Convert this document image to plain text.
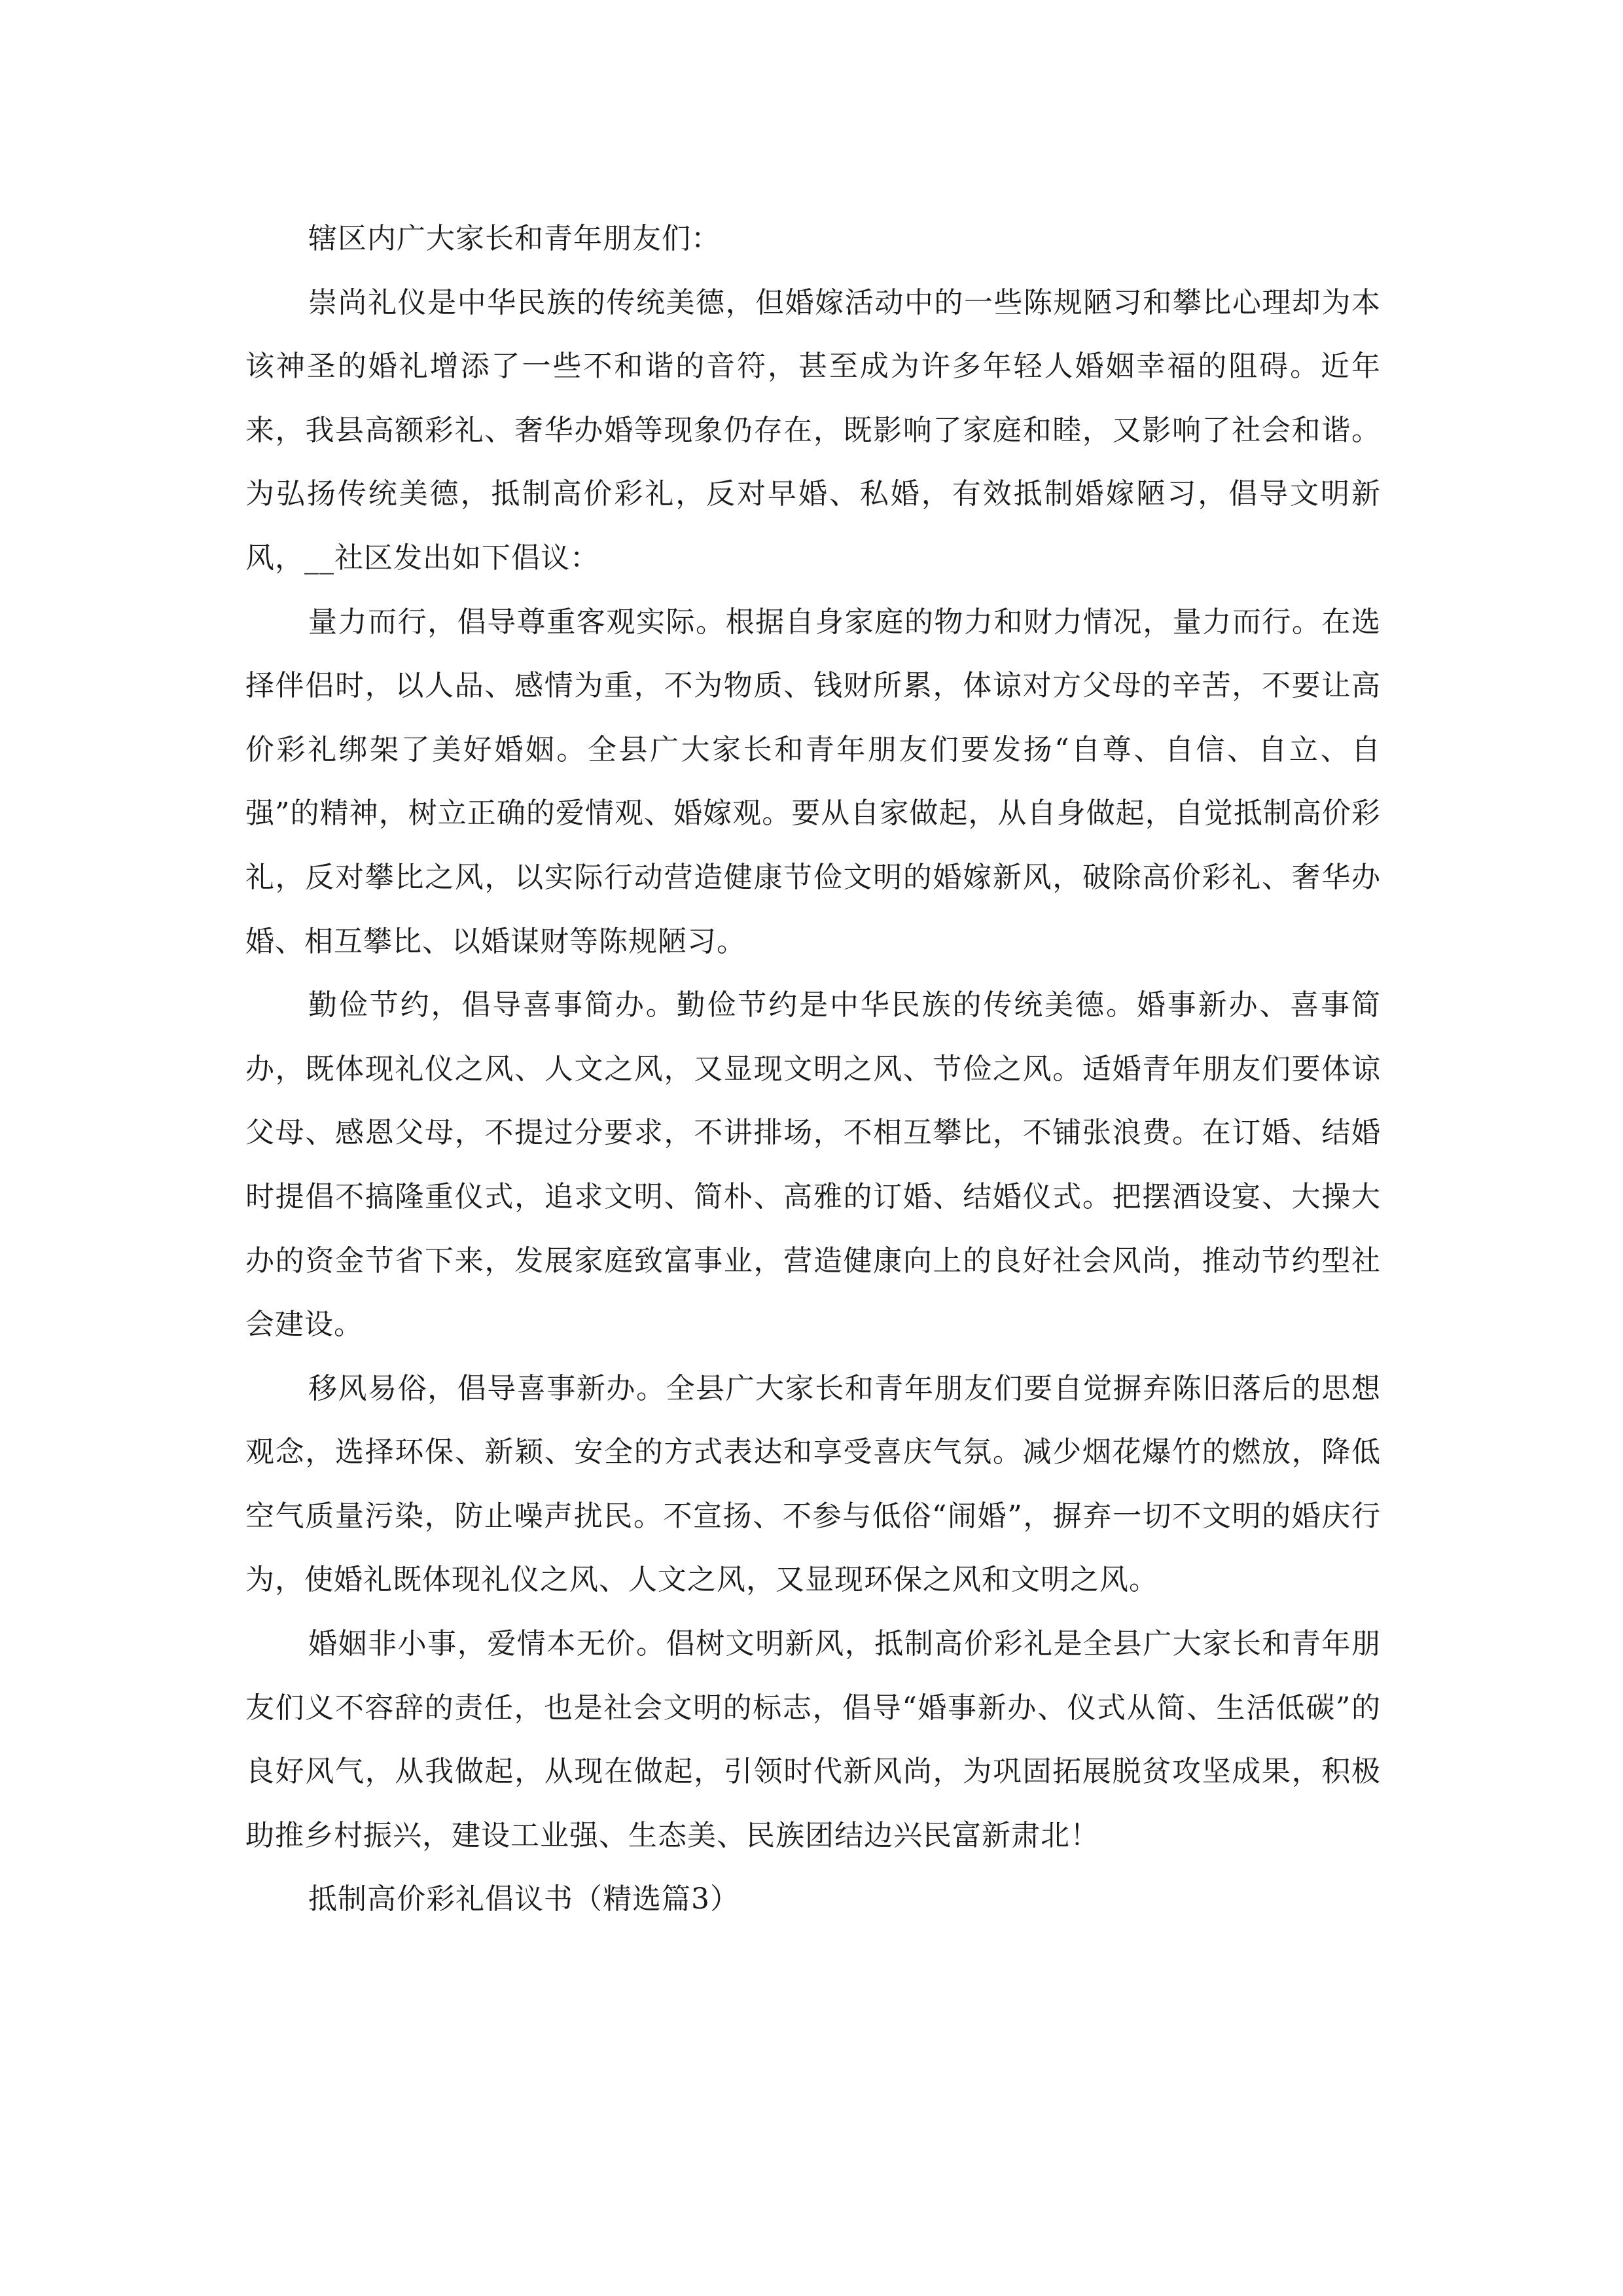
辖区内广大家长和青年朋友们：

崇尚礼仪是中华民族的传统美德，但婚嫁活动中的一些陈规陋习和攀比心理却为本该神圣的婚礼增添了一些不和谐的音符，甚至成为许多年轻人婚姻幸福的阻碍。近年来，我县高额彩礼、奢华办婚等现象仍存在，既影响了家庭和睦，又影响了社会和谐。为弘扬传统美德，抵制高价彩礼，反对早婚、私婚，有效抵制婚嫁陋习，倡导文明新风，__社区发出如下倡议：

量力而行，倡导尊重客观实际。根据自身家庭的物力和财力情况，量力而行。在选择伴侣时，以人品、感情为重，不为物质、钱财所累，体谅对方父母的辛苦，不要让高价彩礼绑架了美好婚姻。全县广大家长和青年朋友们要发扬“自尊、自信、自立、自强”的精神，树立正确的爱情观、婚嫁观。要从自家做起，从自身做起，自觉抵制高价彩礼，反对攀比之风，以实际行动营造健康节俭文明的婚嫁新风，破除高价彩礼、奢华办婚、相互攀比、以婚谋财等陈规陋习。

勤俭节约，倡导喜事简办。勤俭节约是中华民族的传统美德。婚事新办、喜事简办，既体现礼仪之风、人文之风，又显现文明之风、节俭之风。适婚青年朋友们要体谅父母、感恩父母，不提过分要求，不讲排场，不相互攀比，不铺张浪费。在订婚、结婚时提倡不搞隆重仪式，追求文明、简朴、高雅的订婚、结婚仪式。把摆酒设宴、大操大办的资金节省下来，发展家庭致富事业，营造健康向上的良好社会风尚，推动节约型社会建设。

移风易俗，倡导喜事新办。全县广大家长和青年朋友们要自觉摒弃陈旧落后的思想观念，选择环保、新颖、安全的方式表达和享受喜庆气氛。减少烟花爆竹的燃放，降低空气质量污染，防止噪声扰民。不宣扬、不参与低俗“闹婚”，摒弃一切不文明的婚庆行为，使婚礼既体现礼仪之风、人文之风，又显现环保之风和文明之风。

婚姻非小事，爱情本无价。倡树文明新风，抵制高价彩礼是全县广大家长和青年朋友们义不容辞的责任，也是社会文明的标志，倡导“婚事新办、仪式从简、生活低碳”的良好风气，从我做起，从现在做起，引领时代新风尚，为巩固拓展脱贫攻坚成果，积极助推乡村振兴，建设工业强、生态美、民族团结边兴民富新肃北！

抵制高价彩礼倡议书（精选篇3）
